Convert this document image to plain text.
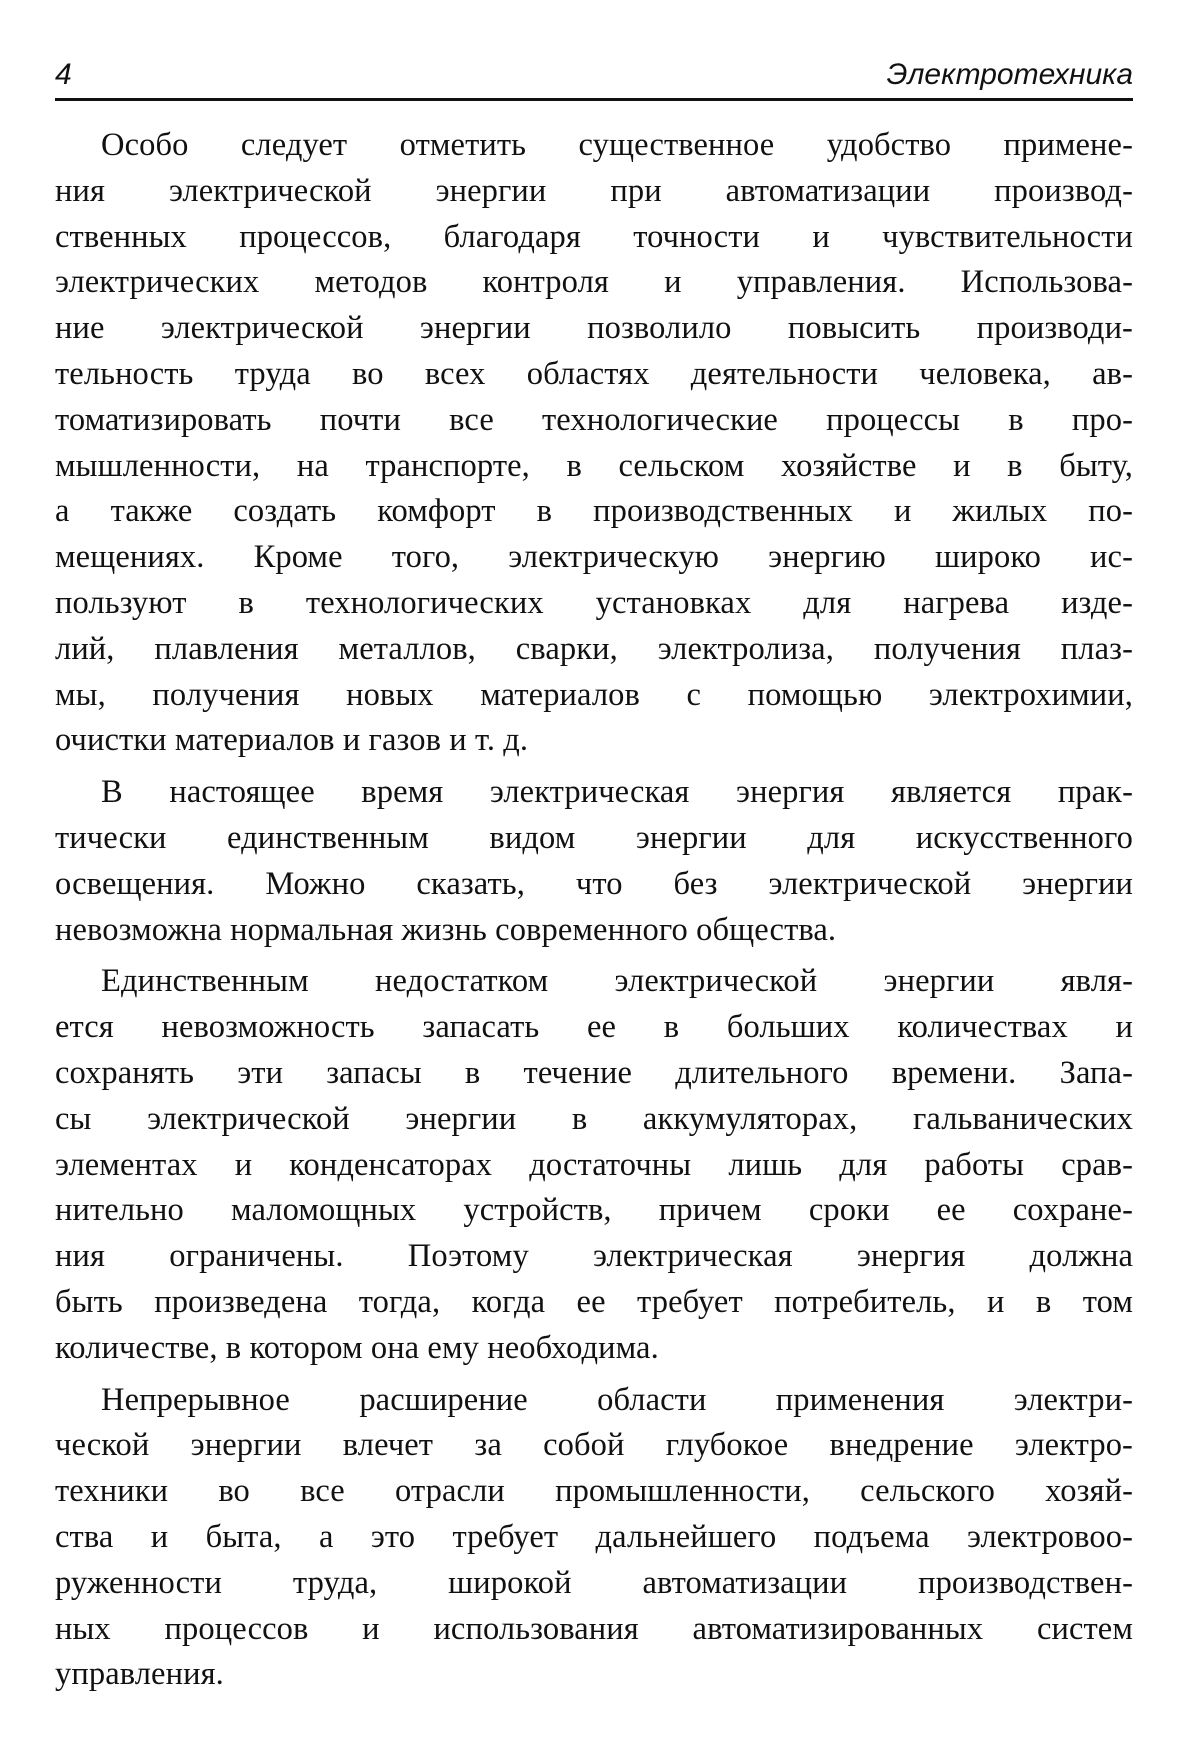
4	Электротехника
Особо следует отметить существенное удобство примене-
ния электрической энергии при автоматизации производ-
ственных процессов, благодаря точности и чувствительности
электрических методов контроля и управления. Использова-
ние электрической энергии позволило повысить производи-
тельность труда во всех областях деятельности человека, ав-
томатизировать почти все технологические процессы в про-
мышленности, на транспорте, в сельском хозяйстве и в быту,
а также создать комфорт в производственных и жилых по-
мещениях. Кроме того, электрическую энергию широко ис-
пользуют в технологических установках для нагрева изде-
лий, плавления металлов, сварки, электролиза, получения плаз-
мы, получения новых материалов с помощью электрохимии,
очистки материалов и газов и т. д.
В настоящее время электрическая энергия является прак-
тически единственным видом энергии для искусственного
освещения. Можно сказать, что без электрической энергии
невозможна нормальная жизнь современного общества.
Единственным недостатком электрической энергии явля-
ется невозможность запасать ее в больших количествах и
сохранять эти запасы в течение длительного времени. Запа-
сы электрической энергии в аккумуляторах, гальванических
элементах и конденсаторах достаточны лишь для работы срав-
нительно маломощных устройств, причем сроки ее сохране-
ния ограничены. Поэтому электрическая энергия должна
быть произведена тогда, когда ее требует потребитель, и в том
количестве, в котором она ему необходима.
Непрерывное расширение области применения электри-
ческой энергии влечет за собой глубокое внедрение электро-
техники во все отрасли промышленности, сельского хозяй-
ства и быта, а это требует дальнейшего подъема электровоо-
руженности труда, широкой автоматизации производствен-
ных процессов и использования автоматизированных систем
управления.
